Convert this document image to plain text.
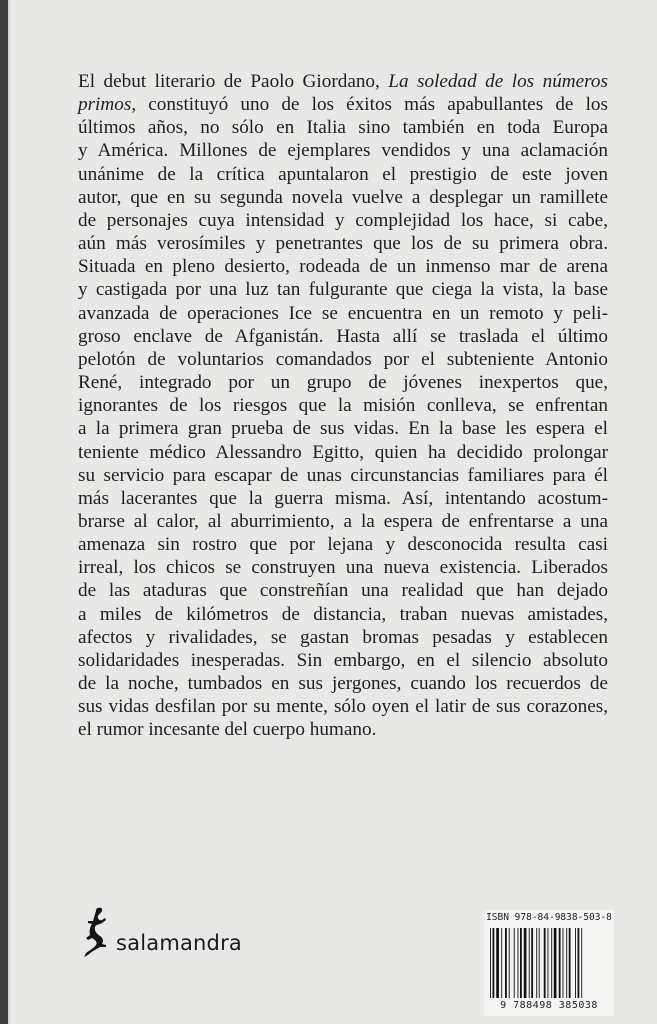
El debut literario de Paolo Giordano, La soledad de los números
primos, constituyó uno de los éxitos más apabullantes de los
últimos años, no sólo en Italia sino también en toda Europa
y América. Millones de ejemplares vendidos y una aclamación
unánime de la crítica apuntalaron el prestigio de este joven
autor, que en su segunda novela vuelve a desplegar un ramillete
de personajes cuya intensidad y complejidad los hace, si cabe,
aún más verosímiles y penetrantes que los de su primera obra.
Situada en pleno desierto, rodeada de un inmenso mar de arena
y castigada por una luz tan fulgurante que ciega la vista, la base
avanzada de operaciones Ice se encuentra en un remoto y peli-
groso enclave de Afganistán. Hasta allí se traslada el último
pelotón de voluntarios comandados por el subteniente Antonio
René, integrado por un grupo de jóvenes inexpertos que,
ignorantes de los riesgos que la misión conlleva, se enfrentan
a la primera gran prueba de sus vidas. En la base les espera el
teniente médico Alessandro Egitto, quien ha decidido prolongar
su servicio para escapar de unas circunstancias familiares para él
más lacerantes que la guerra misma. Así, intentando acostum-
brarse al calor, al aburrimiento, a la espera de enfrentarse a una
amenaza sin rostro que por lejana y desconocida resulta casi
irreal, los chicos se construyen una nueva existencia. Liberados
de las ataduras que constreñían una realidad que han dejado
a miles de kilómetros de distancia, traban nuevas amistades,
afectos y rivalidades, se gastan bromas pesadas y establecen
solidaridades inesperadas. Sin embargo, en el silencio absoluto
de la noche, tumbados en sus jergones, cuando los recuerdos de
sus vidas desfilan por su mente, sólo oyen el latir de sus corazones,
el rumor incesante del cuerpo humano.

salamandra
ISBN 978-84-9838-503-8
9 788498 385038
